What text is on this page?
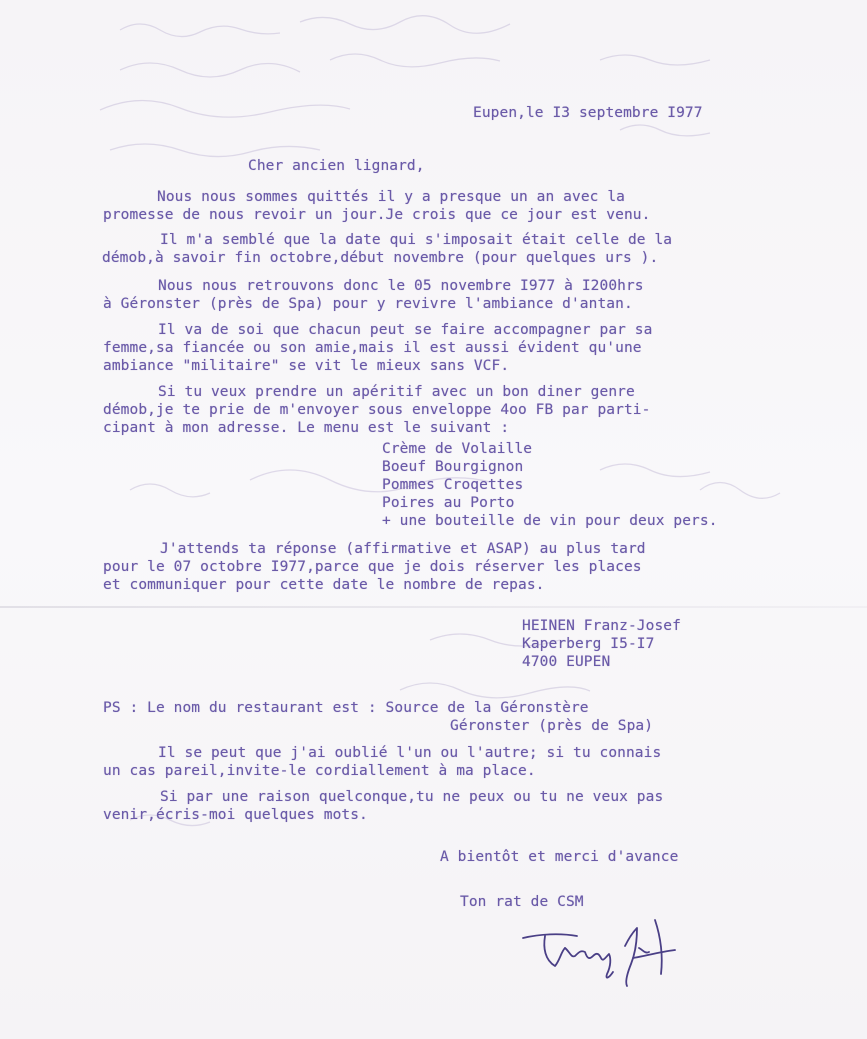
Eupen,le I3 septembre I977
Cher ancien lignard,
Nous nous sommes quittés il y a presque un an avec la
promesse de nous revoir un jour.Je crois que ce jour est venu.
Il m'a semblé que la date qui s'imposait était celle de la
démob,à savoir fin octobre,début novembre (pour quelques urs ).
Nous nous retrouvons donc le 05 novembre I977 à I200hrs
à Géronster (près de Spa) pour y revivre l'ambiance d'antan.
Il va de soi que chacun peut se faire accompagner par sa
femme,sa fiancée ou son amie,mais il est aussi évident qu'une
ambiance "militaire" se vit le mieux sans VCF.
Si tu veux prendre un apéritif avec un bon diner genre
démob,je te prie de m'envoyer sous enveloppe 4oo FB par parti-
cipant à mon adresse. Le menu est le suivant :
Crème de Volaille
Boeuf Bourgignon
Pommes Croqettes
Poires au Porto
+ une bouteille de vin pour deux pers.
J'attends ta réponse (affirmative et ASAP) au plus tard
pour le 07 octobre I977,parce que je dois réserver les places
et communiquer pour cette date le nombre de repas.
HEINEN Franz-Josef
Kaperberg I5-I7
4700 EUPEN
PS : Le nom du restaurant est : Source de la Géronstère
Géronster (près de Spa)
Il se peut que j'ai oublié l'un ou l'autre; si tu connais
un cas pareil,invite-le cordiallement à ma place.
Si par une raison quelconque,tu ne peux ou tu ne veux pas
venir,écris-moi quelques mots.
A bientôt et merci d'avance
Ton rat de CSM
